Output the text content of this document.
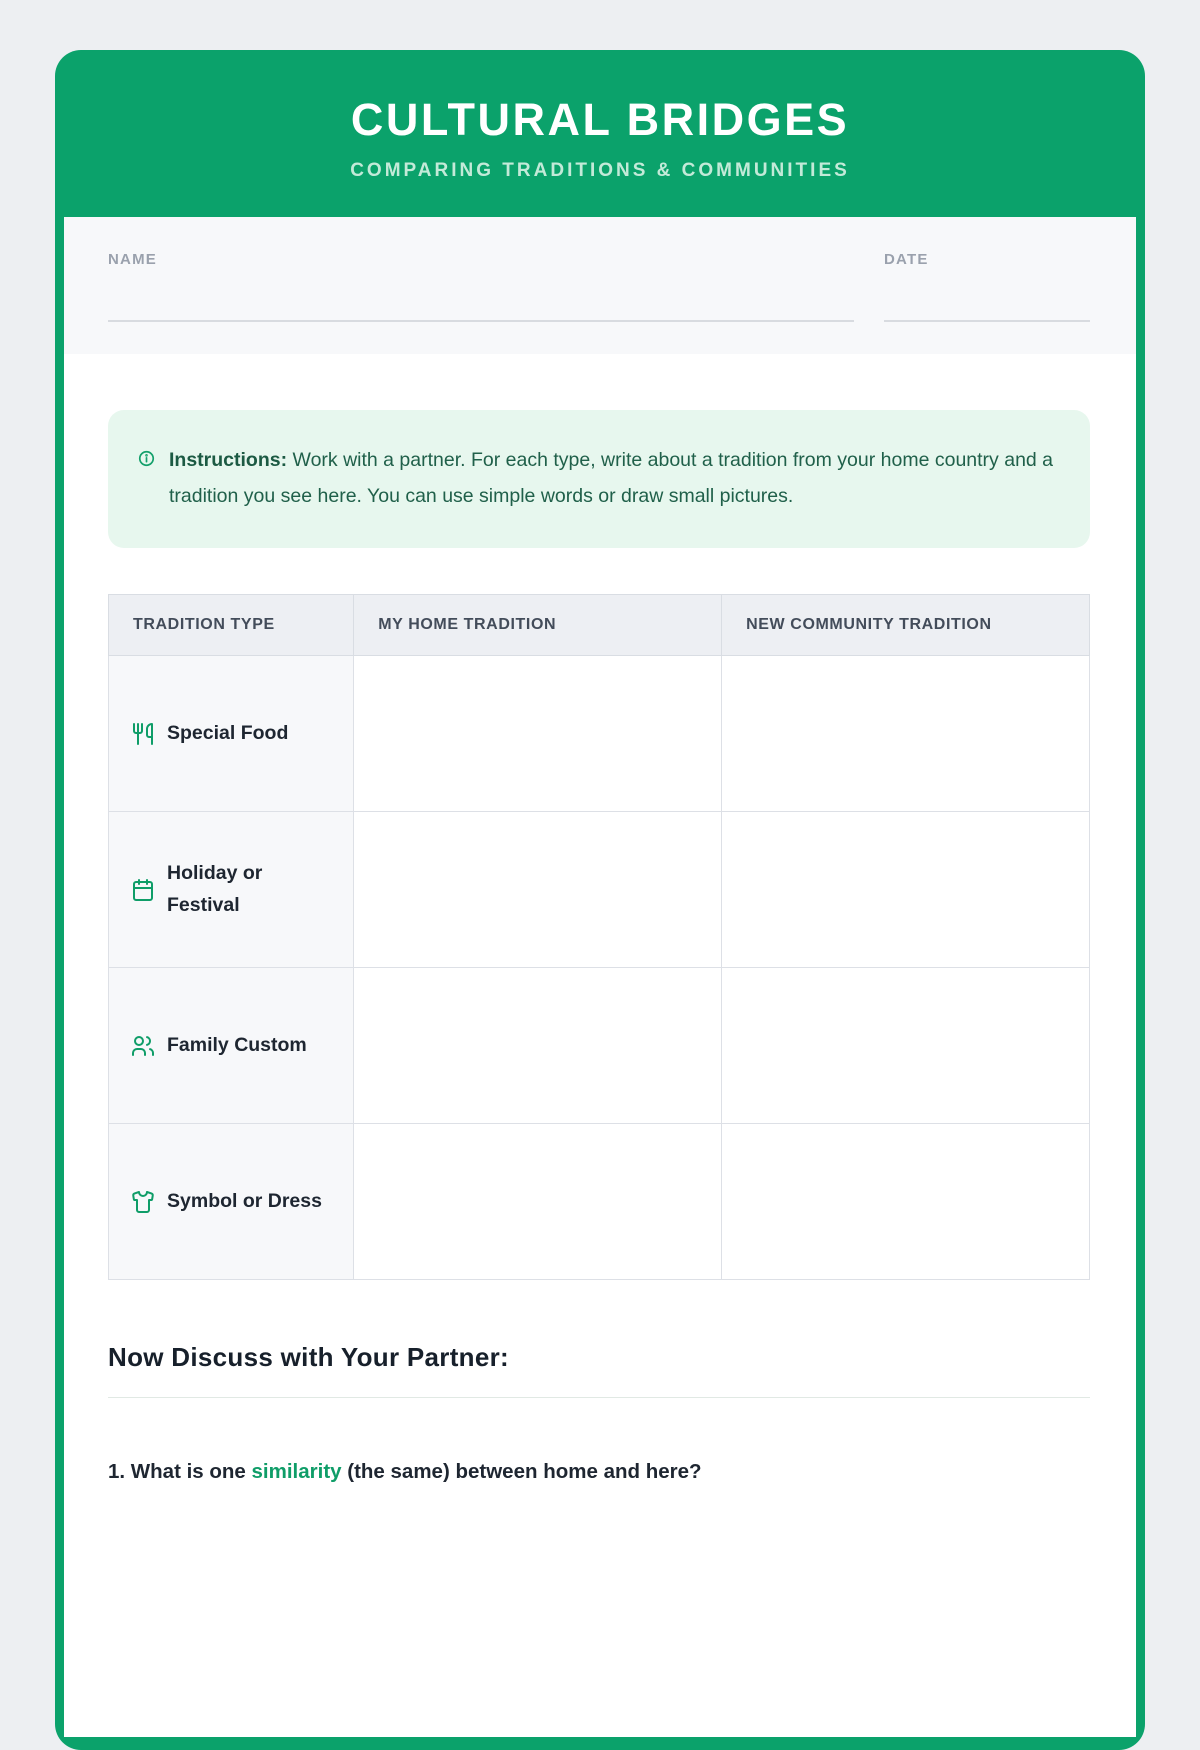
CULTURAL BRIDGES
COMPARING TRADITIONS & COMMUNITIES
NAME	DATE
Instructions: Work with a partner. For each type, write about a tradition from your home country and a tradition you see here. You can use simple words or draw small pictures.
TRADITION TYPE	MY HOME TRADITION	NEW COMMUNITY TRADITION

Special Food		

Holiday or Festival		

Family Custom		

Symbol or Dress		

Now Discuss with Your Partner:

1. What is one similarity (the same) between home and here?
